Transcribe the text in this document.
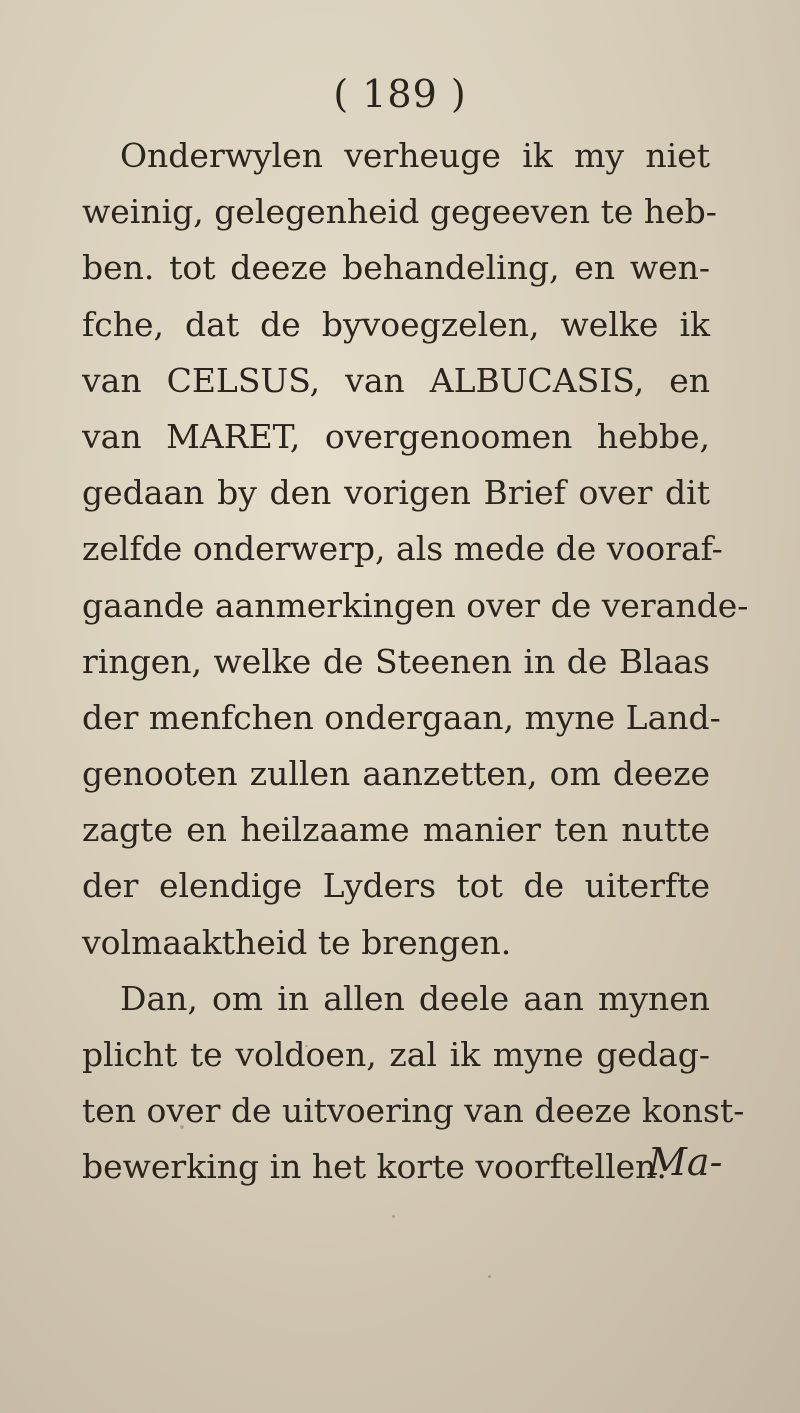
( 189 )
Onderwylen verheuge ik my niet
weinig, gelegenheid gegeeven te heb-
ben. tot deeze behandeling, en wen-
fche, dat de byvoegzelen, welke ik
van CELSUS, van ALBUCASIS, en
van MARET, overgenoomen hebbe,
gedaan by den vorigen Brief over dit
zelfde onderwerp, als mede de vooraf-
gaande aanmerkingen over de verande-
ringen, welke de Steenen in de Blaas
der menfchen ondergaan, myne Land-
genooten zullen aanzetten, om deeze
zagte en heilzaame manier ten nutte
der elendige Lyders tot de uiterfte
volmaaktheid te brengen.
Dan, om in allen deele aan mynen
plicht te voldoen, zal ik myne gedag-
ten over de uitvoering van deeze konst-
bewerking in het korte voorftellen.
Ma-
